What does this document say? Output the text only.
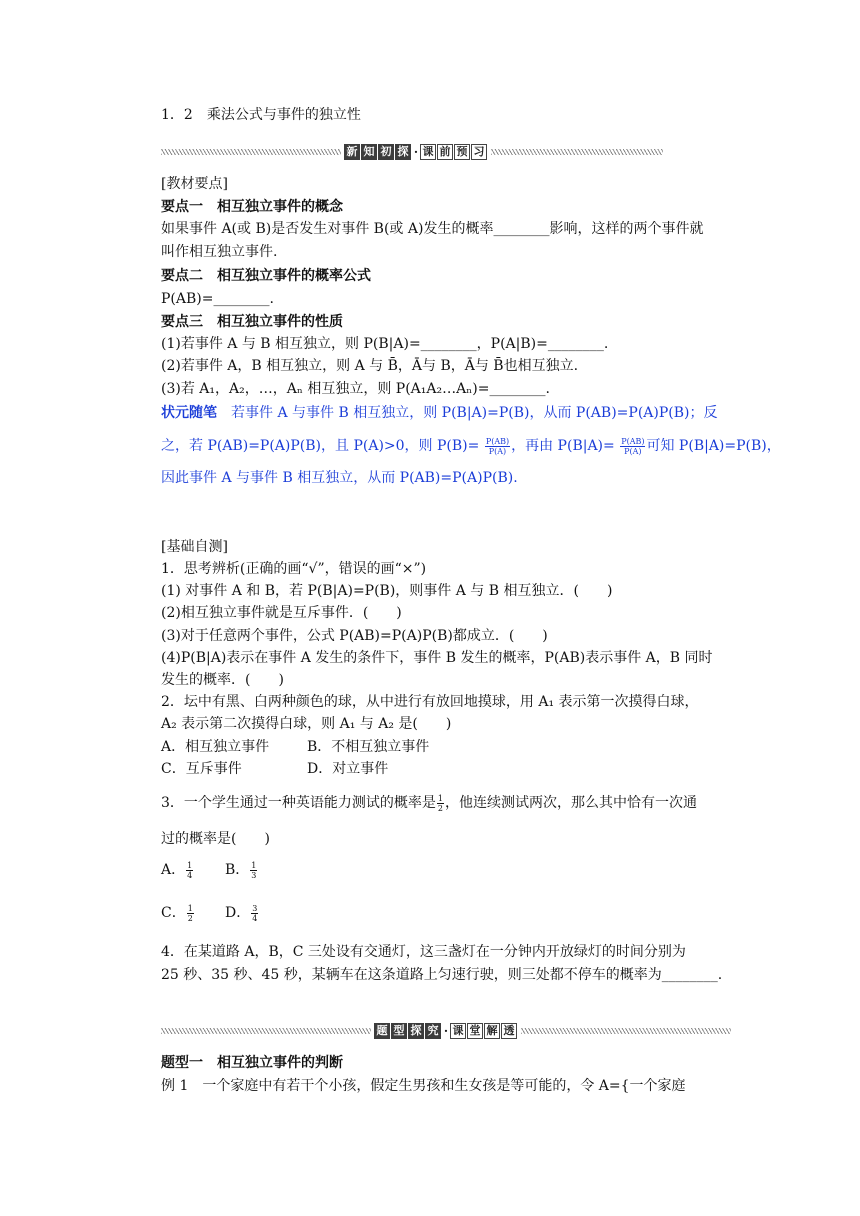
1．2　乘法公式与事件的独立性
新 知 初 探 · 课 前 预 习
[教材要点]
要点一　相互独立事件的概念
如果事件 A(或 B)是否发生对事件 B(或 A)发生的概率________影响，这样的两个事件就
叫作相互独立事件.
要点二　相互独立事件的概率公式
P(AB)=________.
要点三　相互独立事件的性质
(1)若事件 A 与 B 相互独立，则 P(B|A)=________，P(A|B)=________.
(2)若事件 A，B 相互独立，则 A 与 B̄，Ā与 B，Ā与 B̄也相互独立.
(3)若 A₁，A₂，…，Aₙ 相互独立，则 P(A₁A₂…Aₙ)=________.
状元随笔　 若事件 A 与事件 B 相互独立，则 P(B|A)=P(B)，从而 P(AB)=P(A)P(B)；反
之，若 P(AB)=P(A)P(B)，且 P(A)>0，则 $P(B)= \frac{P(AB)}{P(A)}$ ，再由 $P(B|A)= \frac{P(AB)}{P(A)}$ 可知 P(B|A)=P(B)，
因此事件 A 与事件 B 相互独立，从而 P(AB)=P(A)P(B).
[基础自测]
1．思考辨析(正确的画“√”，错误的画“×”)
(1) 对事件 A 和 B，若 P(B|A)=P(B)，则事件 A 与 B 相互独立．(　　)
(2)相互独立事件就是互斥事件．(　　)
(3)对于任意两个事件，公式 P(AB)=P(A)P(B)都成立．(　　)
(4)P(B|A)表示在事件 A 发生的条件下，事件 B 发生的概率，P(AB)表示事件 A，B 同时
发生的概率．(　　)
2．坛中有黑、白两种颜色的球，从中进行有放回地摸球，用 A₁ 表示第一次摸得白球，
A₂ 表示第二次摸得白球，则 A₁ 与 A₂ 是(　　)
A．相互独立事件	B．不相互独立事件
C．互斥事件	D．对立事件
3．一个学生通过一种英语能力测试的概率是 $\frac{1}{2}$ ，他连续测试两次，那么其中恰有一次通
过的概率是(　　)
A． $\frac{1}{4}$ B． $\frac{1}{3}$
C． $\frac{1}{2}$ D． $\frac{3}{4}$
4．在某道路 A，B，C 三处设有交通灯，这三盏灯在一分钟内开放绿灯的时间分别为
25 秒、35 秒、45 秒，某辆车在这条道路上匀速行驶，则三处都不停车的概率为________.
题 型 探 究 · 课 堂 解 透
题型一　相互独立事件的判断
例 1　一个家庭中有若干个小孩，假定生男孩和生女孩是等可能的，令 A={一个家庭
